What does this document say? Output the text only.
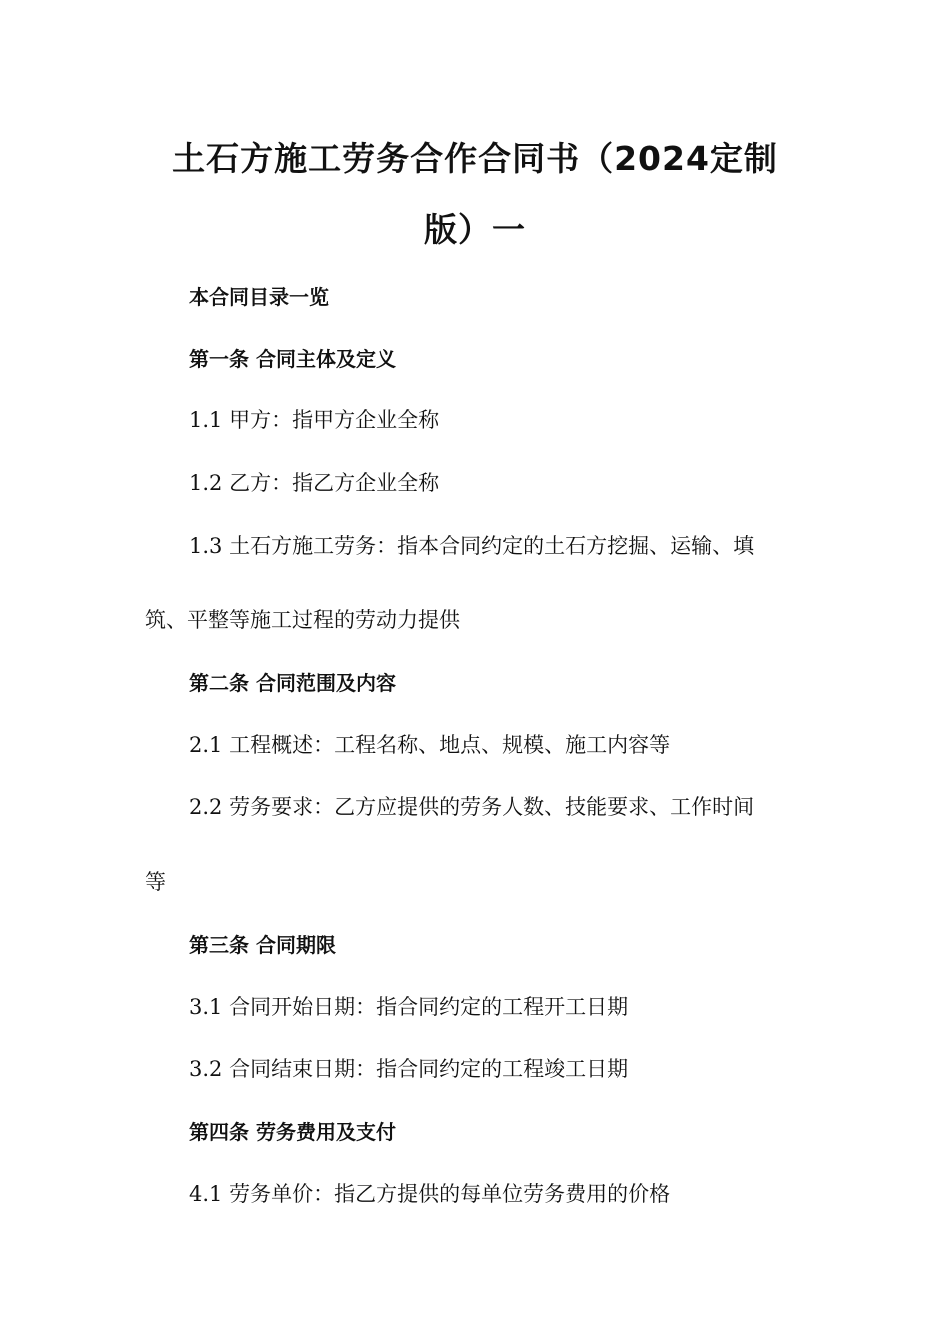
土石方施工劳务合作合同书（2024定制
版）一
本合同目录一览
第一条 合同主体及定义
1.1 甲方：指甲方企业全称
1.2 乙方：指乙方企业全称
1.3 土石方施工劳务：指本合同约定的土石方挖掘、运输、填
筑、平整等施工过程的劳动力提供
第二条 合同范围及内容
2.1 工程概述：工程名称、地点、规模、施工内容等
2.2 劳务要求：乙方应提供的劳务人数、技能要求、工作时间
等
第三条 合同期限
3.1 合同开始日期：指合同约定的工程开工日期
3.2 合同结束日期：指合同约定的工程竣工日期
第四条 劳务费用及支付
4.1 劳务单价：指乙方提供的每单位劳务费用的价格
